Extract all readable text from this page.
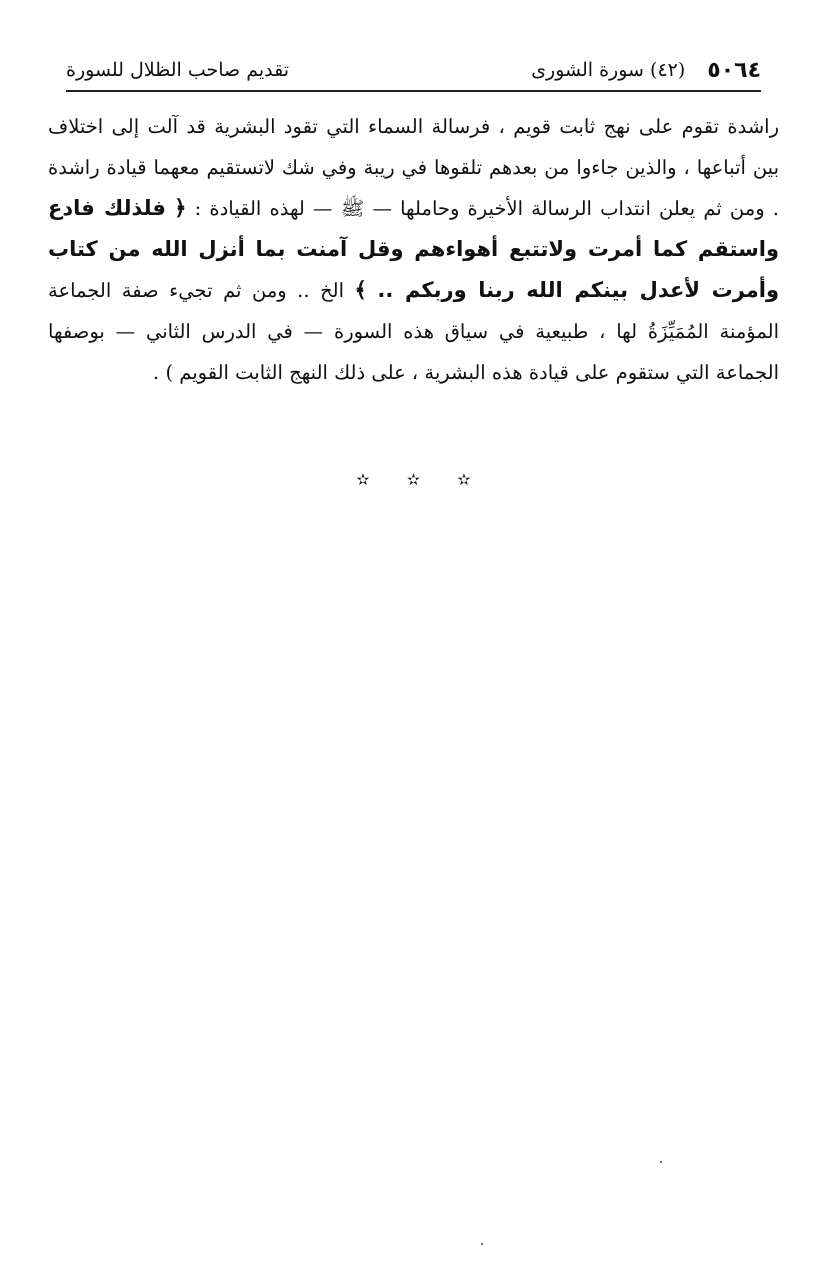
٥٠٦٤
(٤٢) سورة الشورى
تقديم صاحب الظلال للسورة
راشدة تقوم على نهج ثابت قويم ، فرسالة السماء التي تقود البشرية قد آلت إلى اختلاف بين أتباعها ، والذين جاءوا من بعدهم تلقوها في ريبة وفي شك لاتستقيم معهما قيادة راشدة . ومن ثم يعلن انتداب الرسالة الأخيرة وحاملها — ﷺ — لهذه القيادة : ﴿ فلذلك فادع واستقم كما أمرت ولاتتبع أهواءهم وقل آمنت بما أنزل الله من كتاب وأمرت لأعدل بينكم الله ربنا وربكم .. ﴾ الخ .. ومن ثم تجيء صفة الجماعة المؤمنة المُمَيِّزَةُ لها ، طبيعية في سياق هذه السورة — في الدرس الثاني — بوصفها الجماعة التي ستقوم على قيادة هذه البشرية ، على ذلك النهج الثابت القويم ) .
✫ ✫ ✫
